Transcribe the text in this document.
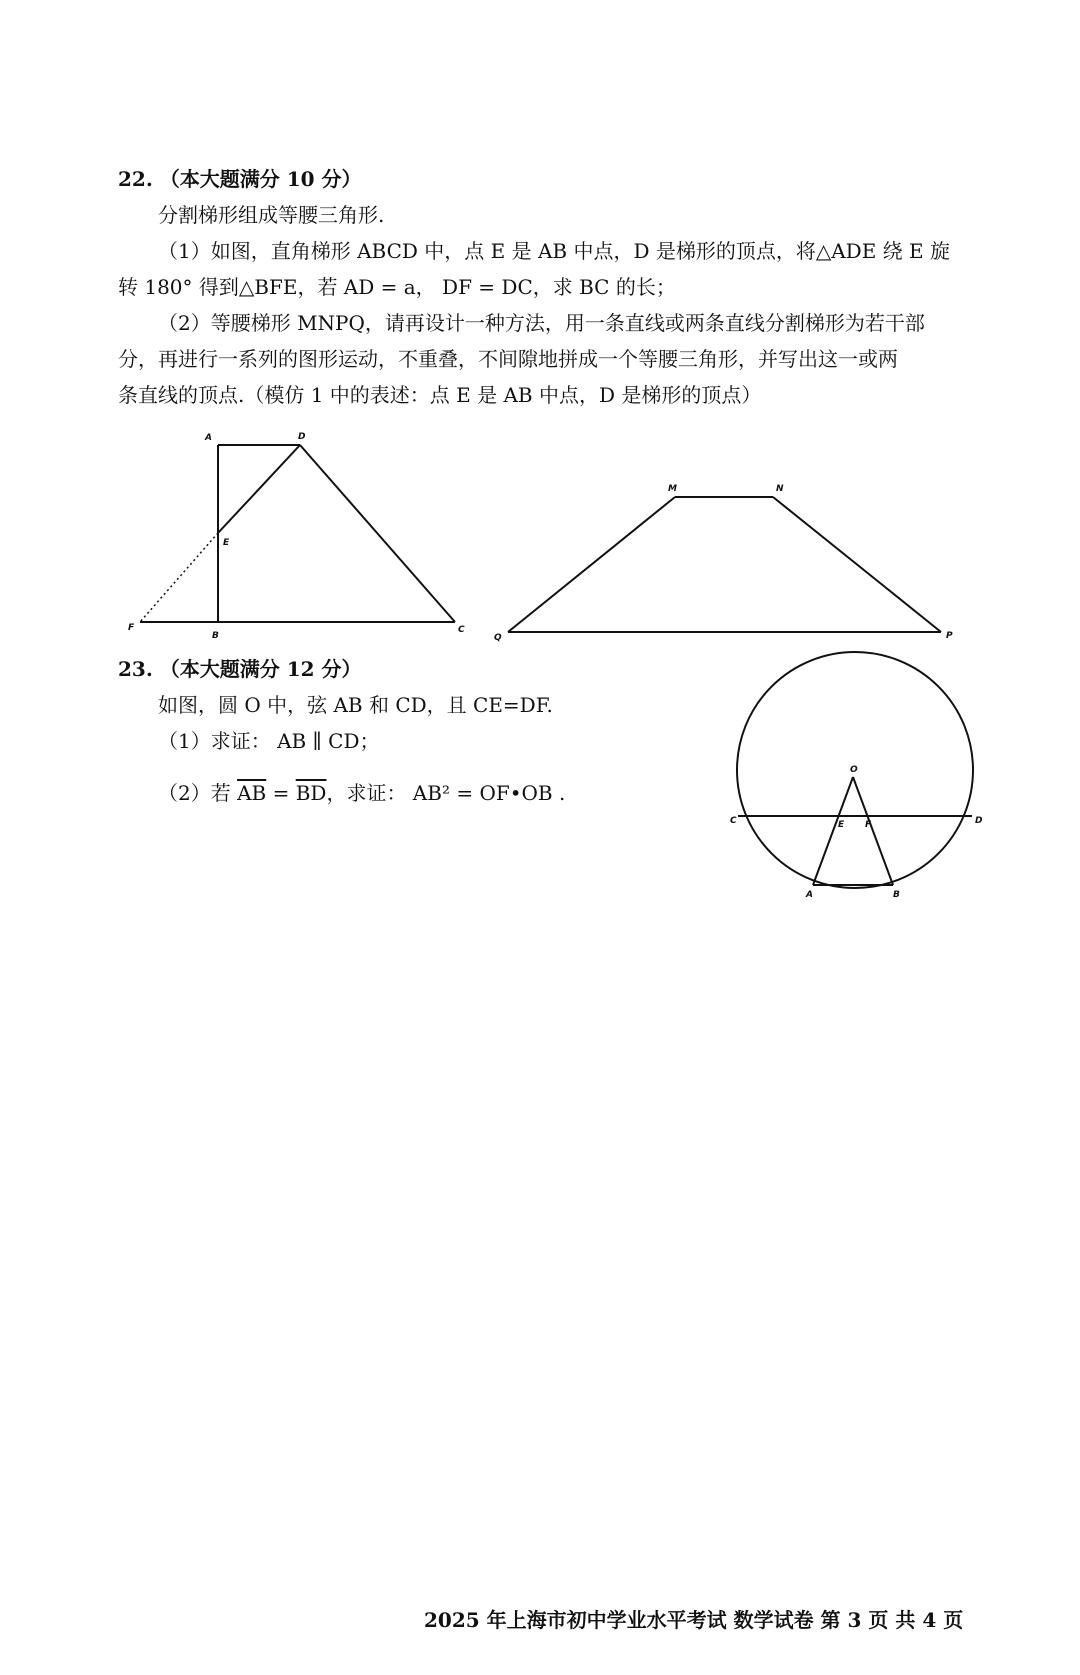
22. （本大题满分 10 分）
分割梯形组成等腰三角形.
（1）如图，直角梯形 ABCD 中，点 E 是 AB 中点，D 是梯形的顶点，将△ADE 绕 E 旋
转 180° 得到△BFE，若 AD = a， DF = DC，求 BC 的长；
（2）等腰梯形 MNPQ，请再设计一种方法，用一条直线或两条直线分割梯形为若干部
分，再进行一系列的图形运动，不重叠，不间隙地拼成一个等腰三角形，并写出这一或两
条直线的顶点.（模仿 1 中的表述：点 E 是 AB 中点，D 是梯形的顶点）
A	D
E
F
B
C
M	N
Q	P
O
C	E F	D
A	B
23. （本大题满分 12 分）
如图，圆 O 中，弦 AB 和 CD，且 CE=DF.
（1）求证： AB ∥ CD；
（2）若 $\overline{AB} = \overline{BD}$，求证： AB² = OF•OB .
2025 年上海市初中学业水平考试 数学试卷 第 3 页 共 4 页
